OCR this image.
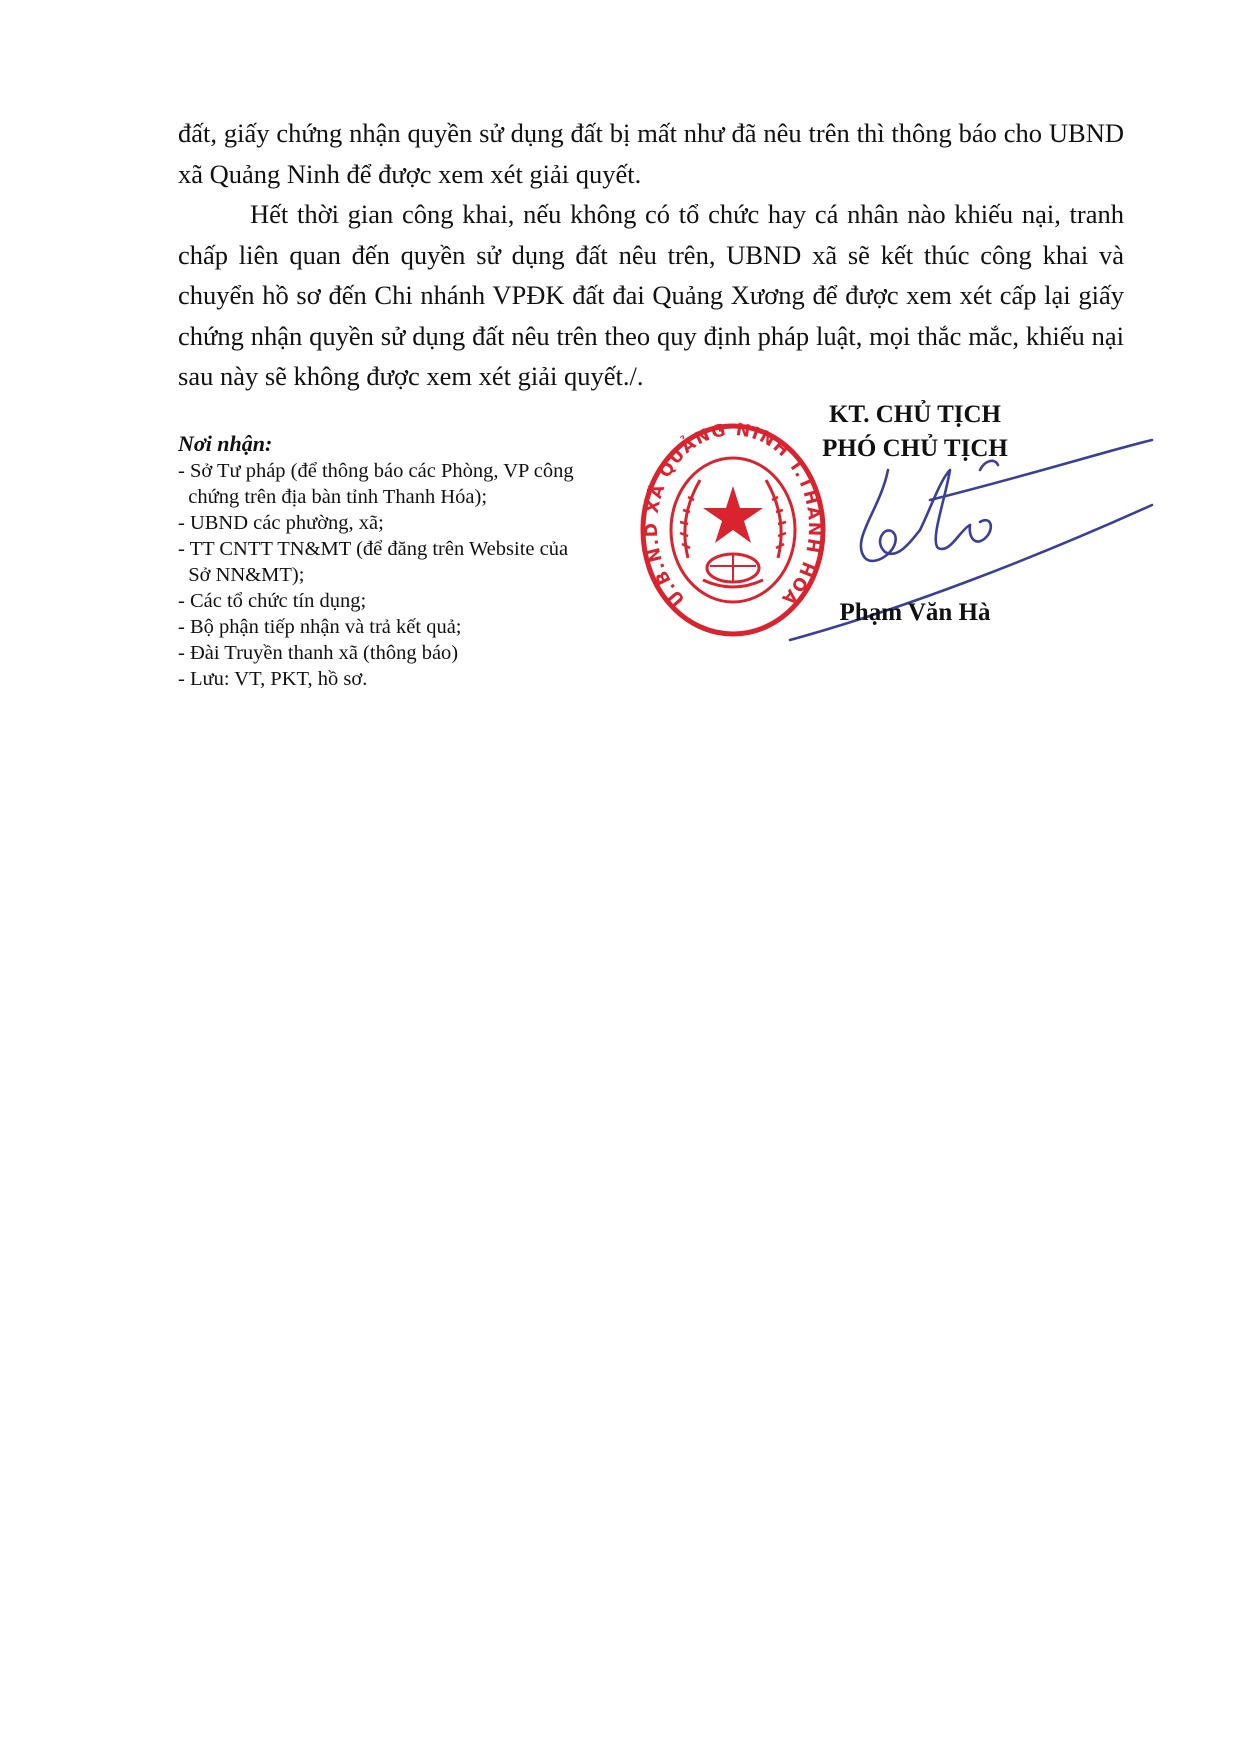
đất, giấy chứng nhận quyền sử dụng đất bị mất như đã nêu trên thì thông báo cho UBND xã Quảng Ninh để được xem xét giải quyết.

Hết thời gian công khai, nếu không có tổ chức hay cá nhân nào khiếu nại, tranh chấp liên quan đến quyền sử dụng đất nêu trên, UBND xã sẽ kết thúc công khai và chuyển hồ sơ đến Chi nhánh VPĐK đất đai Quảng Xương để được xem xét cấp lại giấy chứng nhận quyền sử dụng đất nêu trên theo quy định pháp luật, mọi thắc mắc, khiếu nại sau này sẽ không được xem xét giải quyết./.

Nơi nhận:
- Sở Tư pháp (để thông báo các Phòng, VP công
chứng trên địa bàn tỉnh Thanh Hóa);
- UBND các phường, xã;
- TT CNTT TN&MT (để đăng trên Website của
Sở NN&MT);
- Các tổ chức tín dụng;
- Bộ phận tiếp nhận và trả kết quả;
- Đài Truyền thanh xã (thông báo)
- Lưu: VT, PKT, hồ sơ.
U.B.N.D XÃ QUẢNG NINH T.THANH HÓA
KT. CHỦ TỊCH
PHÓ CHỦ TỊCH
Phạm Văn Hà
